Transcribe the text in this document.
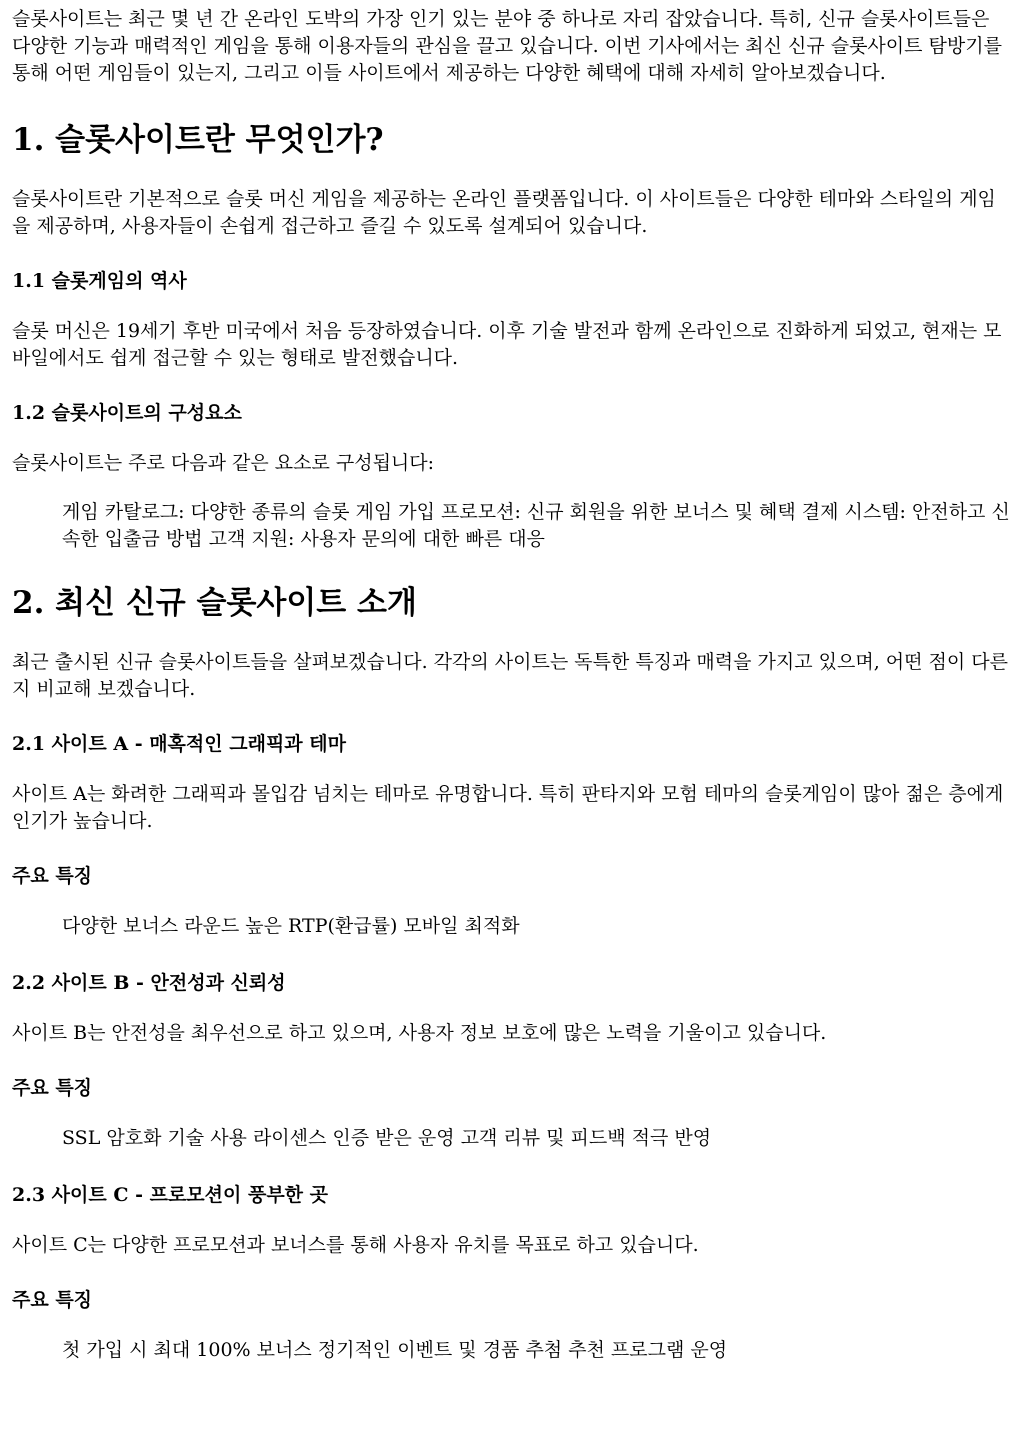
슬롯사이트는 최근 몇 년 간 온라인 도박의 가장 인기 있는 분야 중 하나로 자리 잡았습니다. 특히, 신규 슬롯사이트들은 다양한 기능과 매력적인 게임을 통해 이용자들의 관심을 끌고 있습니다. 이번 기사에서는 최신 신규 슬롯사이트 탐방기를 통해 어떤 게임들이 있는지, 그리고 이들 사이트에서 제공하는 다양한 혜택에 대해 자세히 알아보겠습니다.

1. 슬롯사이트란 무엇인가?

슬롯사이트란 기본적으로 슬롯 머신 게임을 제공하는 온라인 플랫폼입니다. 이 사이트들은 다양한 테마와 스타일의 게임을 제공하며, 사용자들이 손쉽게 접근하고 즐길 수 있도록 설계되어 있습니다.

1.1 슬롯게임의 역사

슬롯 머신은 19세기 후반 미국에서 처음 등장하였습니다. 이후 기술 발전과 함께 온라인으로 진화하게 되었고, 현재는 모바일에서도 쉽게 접근할 수 있는 형태로 발전했습니다.

1.2 슬롯사이트의 구성요소

슬롯사이트는 주로 다음과 같은 요소로 구성됩니다:

게임 카탈로그: 다양한 종류의 슬롯 게임 가입 프로모션: 신규 회원을 위한 보너스 및 혜택 결제 시스템: 안전하고 신속한 입출금 방법 고객 지원: 사용자 문의에 대한 빠른 대응

2. 최신 신규 슬롯사이트 소개

최근 출시된 신규 슬롯사이트들을 살펴보겠습니다. 각각의 사이트는 독특한 특징과 매력을 가지고 있으며, 어떤 점이 다른지 비교해 보겠습니다.

2.1 사이트 A - 매혹적인 그래픽과 테마

사이트 A는 화려한 그래픽과 몰입감 넘치는 테마로 유명합니다. 특히 판타지와 모험 테마의 슬롯게임이 많아 젊은 층에게 인기가 높습니다.

주요 특징

다양한 보너스 라운드 높은 RTP(환급률) 모바일 최적화

2.2 사이트 B - 안전성과 신뢰성

사이트 B는 안전성을 최우선으로 하고 있으며, 사용자 정보 보호에 많은 노력을 기울이고 있습니다.

주요 특징

SSL 암호화 기술 사용 라이센스 인증 받은 운영 고객 리뷰 및 피드백 적극 반영

2.3 사이트 C - 프로모션이 풍부한 곳

사이트 C는 다양한 프로모션과 보너스를 통해 사용자 유치를 목표로 하고 있습니다.

주요 특징

첫 가입 시 최대 100% 보너스 정기적인 이벤트 및 경품 추첨 추천 프로그램 운영
